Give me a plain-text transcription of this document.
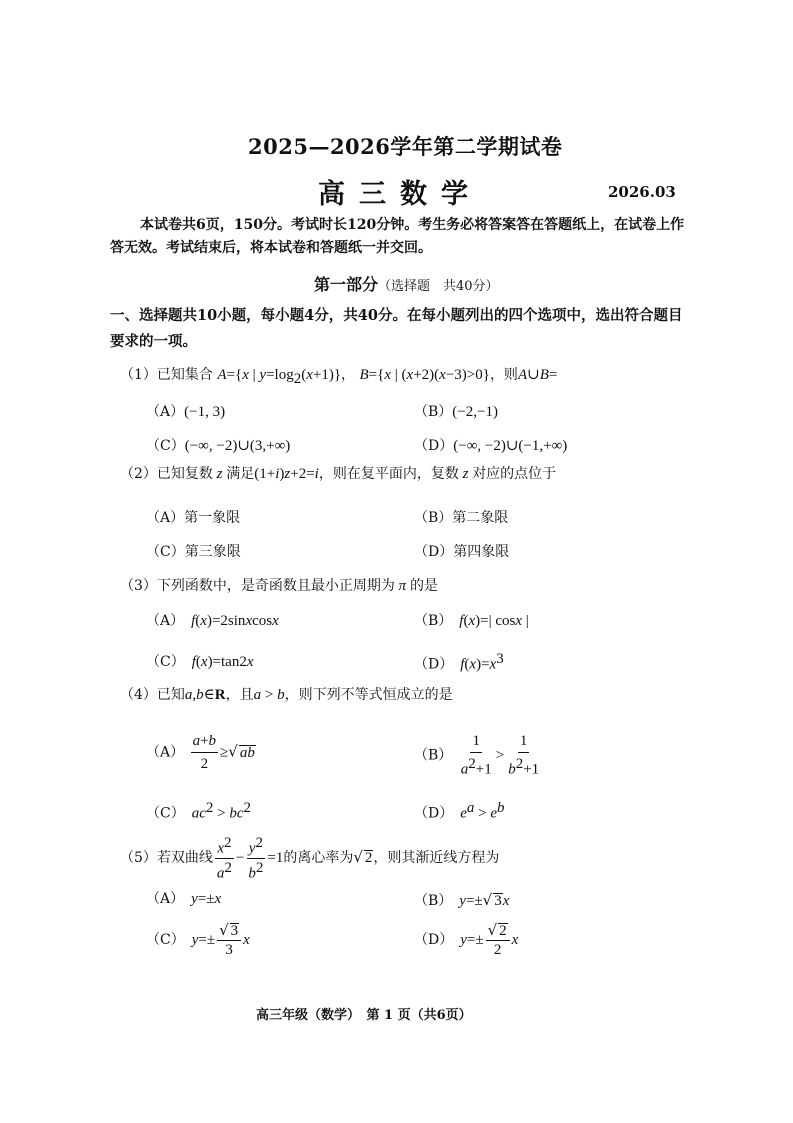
2025—2026学年第二学期试卷
高三数学	2026.03
本试卷共6页，150分。考试时长120分钟。考生务必将答案答在答题纸上，在试卷上作答无效。考试结束后，将本试卷和答题纸一并交回。
第一部分（选择题　共40分）
一、选择题共10小题，每小题4分，共40分。在每小题列出的四个选项中，选出符合题目要求的一项。
（1）已知集合 A={x | $y=\log_2(x+1)$}， B={x | (x+2)(x−3)>0}，则A∪B=
（A）(−1, 3)	（B）(−2,−1)
（C）(−∞, −2)∪(3,+∞)	（D）(−∞, −2)∪(−1,+∞)
（2）已知复数 z 满足(1+i)z+2=i，则在复平面内，复数 z 对应的点位于
（A）第一象限	（B）第二象限
（C）第三象限	（D）第四象限
（3）下列函数中，是奇函数且最小正周期为 π 的是
（A）　 f(x)=2sinxcosx	（B）　 f(x)=| cosx |
（C）　 f(x)=tan2x	（D）　 $f(x)=x^3$
（4）已知a,b∈R，且a > b，则下列不等式恒成立的是
$(A) \frac{a+b}{2}$ ≥√ ab	$(B) \frac{1}{a^2+1} > \frac{1}{b^2+1}$
（C）　 $ac^2 > bc^2$	（D）　 $e^a > e^b$
（5）若双曲线 $\frac{x^2}{a^2} - \frac{y^2}{b^2} =1$的离心率为√ 2，则其渐近线方程为
（A）　 y=±x	（B）　 y=±√ 3x
（C）　 $y=\pm \frac{√ 3}{3}$ x	（D）　 $y=\pm \frac{√ 2}{2}$ x
高三年级（数学）　第 1 页（共6页）
